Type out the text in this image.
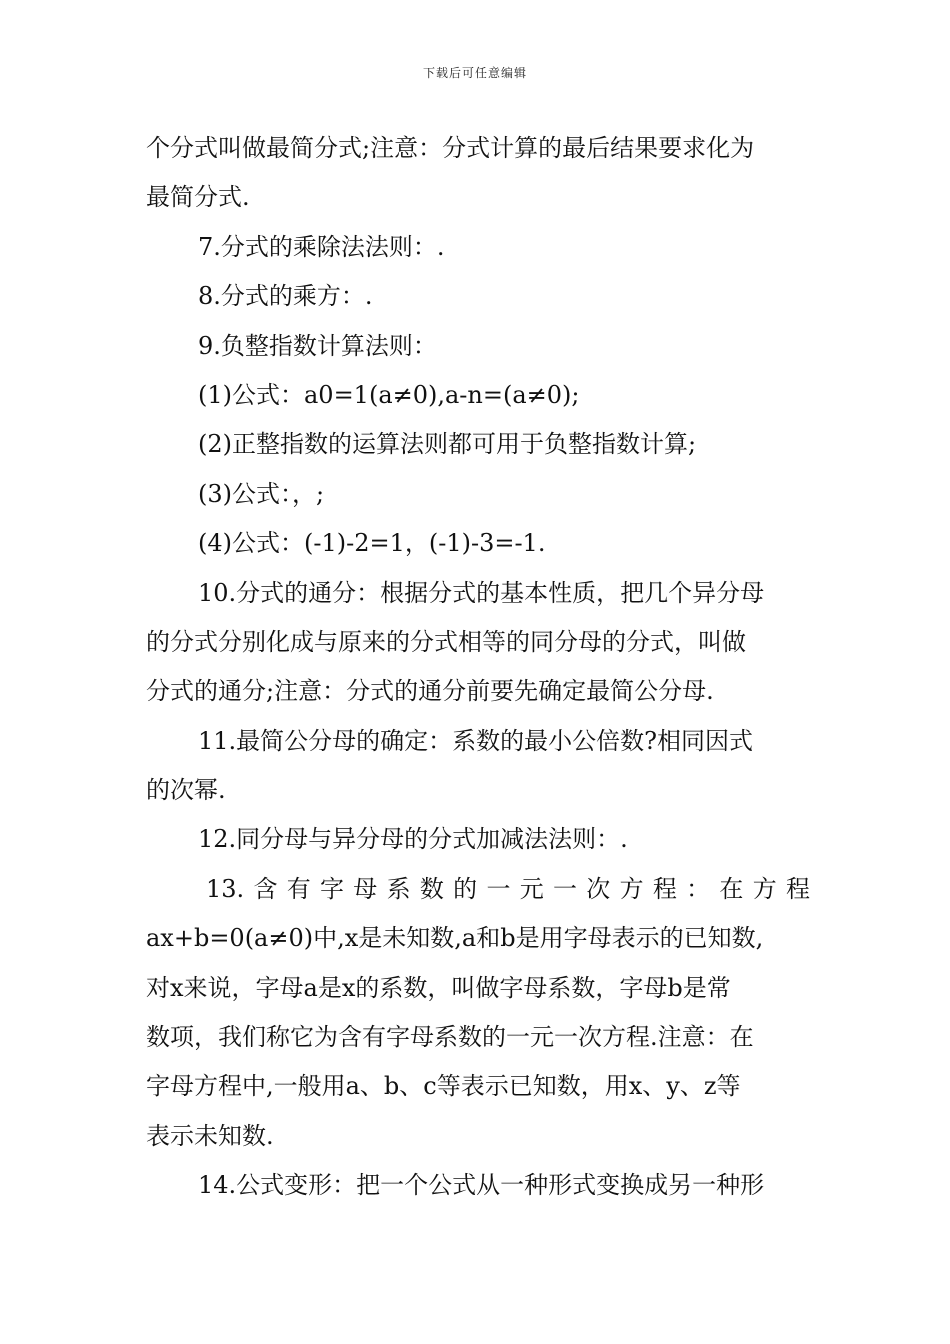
下载后可任意编辑
个分式叫做最简分式;注意：分式计算的最后结果要求化为
最简分式.
7.分式的乘除法法则：.
8.分式的乘方：.
9.负整指数计算法则：
(1)公式：a0=1(a≠0),a-n=(a≠0);
(2)正整指数的运算法则都可用于负整指数计算;
(3)公式：，;
(4)公式：(-1)-2=1，(-1)-3=-1.
10.分式的通分：根据分式的基本性质，把几个异分母
的分式分别化成与原来的分式相等的同分母的分式，叫做
分式的通分;注意：分式的通分前要先确定最简公分母.
11.最简公分母的确定：系数的最小公倍数?相同因式
的次幂.
12.同分母与异分母的分式加减法法则：.
13.含有字母系数的一元一次方程：在方程
ax+b=0(a≠0)中,x是未知数,a和b是用字母表示的已知数,
对x来说，字母a是x的系数，叫做字母系数，字母b是常
数项，我们称它为含有字母系数的一元一次方程.注意：在
字母方程中,一般用a、b、c等表示已知数，用x、y、z等
表示未知数.
14.公式变形：把一个公式从一种形式变换成另一种形
